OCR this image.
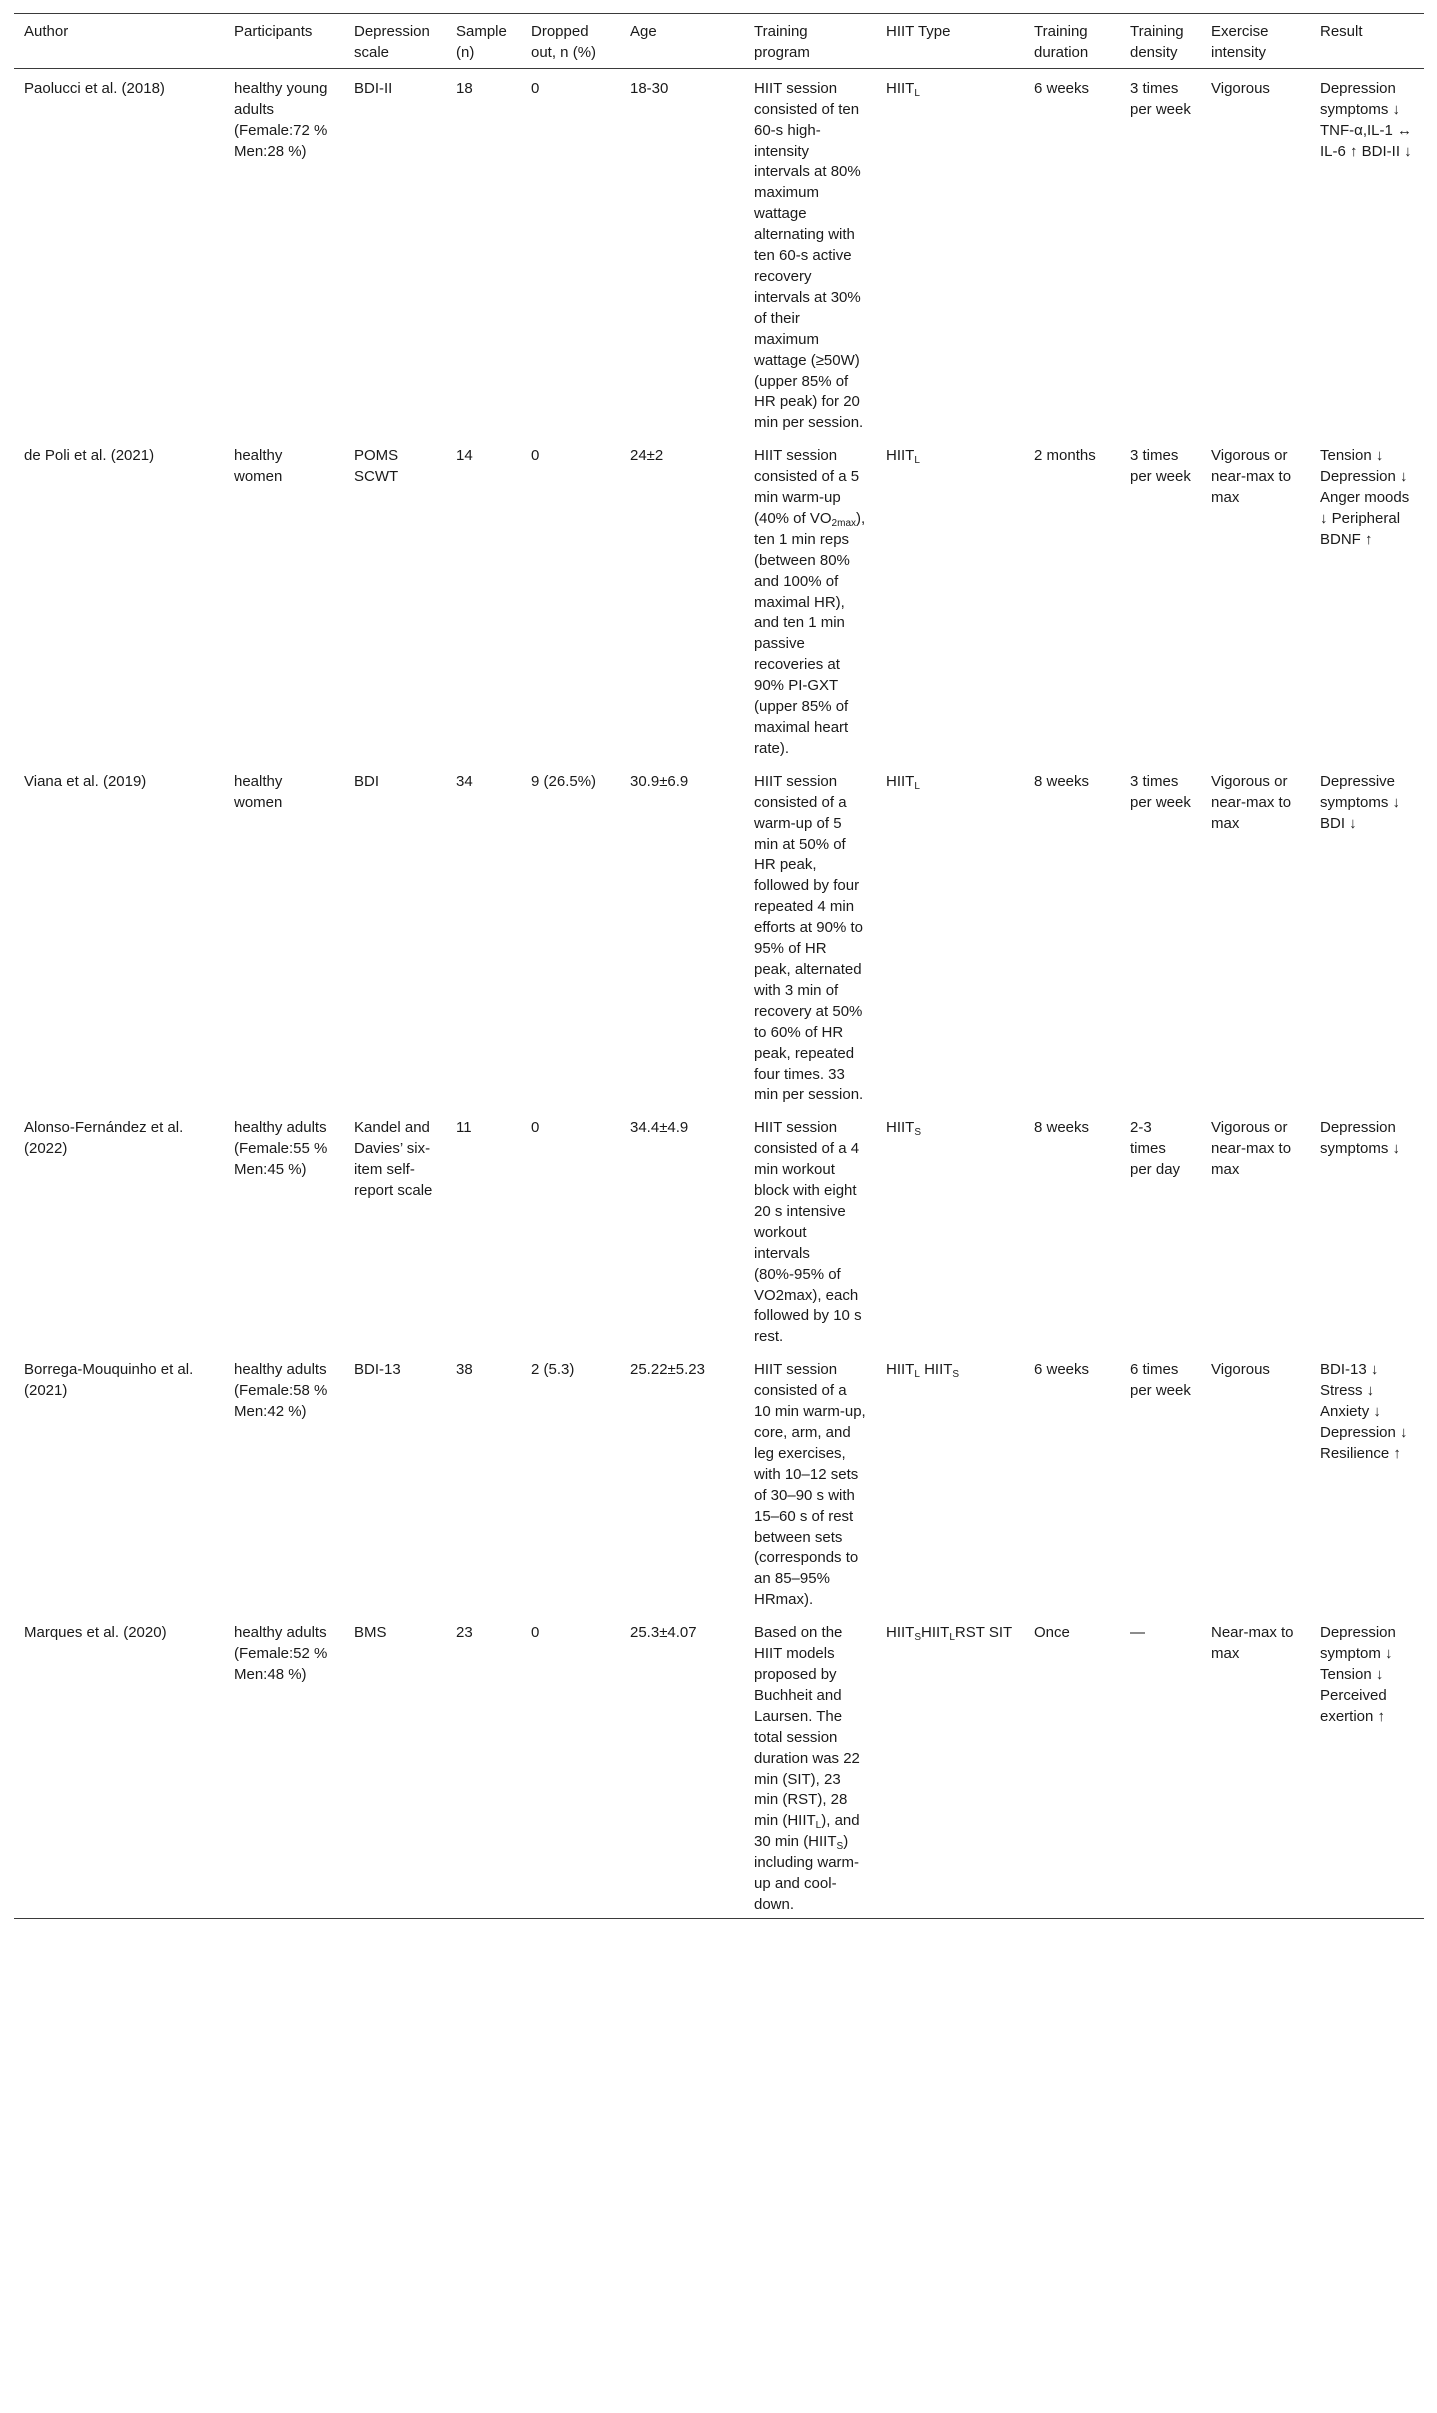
Author	Participants	Depression scale	Sample (n)	Dropped out, n (%)	Age	Training program	HIIT Type	Training duration	Training density	Exercise intensity	Result
Paolucci et al. (2018)	healthy young adults (Female:72 % Men:28 %)	BDI-II	18	0	18-30	HIIT session consisted of ten 60-s high-intensity intervals at 80% maximum wattage alternating with ten 60-s active recovery intervals at 30% of their maximum wattage (≥50W) (upper 85% of HR peak) for 20 min per session.	$HIIT_L$	6 weeks	3 times per week	Vigorous	Depression symptoms ↓ TNF-α,IL-1 ↔ IL-6 ↑ BDI-II ↓
de Poli et al. (2021)	healthy women	POMS SCWT	14	0	24±2	HIIT session consisted of a 5 min warm-up (40% of $VO_{2max}$), ten 1 min reps (between 80% and 100% of maximal HR), and ten 1 min passive recoveries at 90% PI-GXT (upper 85% of maximal heart rate).	$HIIT_L$	2 months	3 times per week	Vigorous or near-max to max	Tension ↓ Depression ↓ Anger moods ↓ Peripheral BDNF ↑
Viana et al. (2019)	healthy women	BDI	34	9 (26.5%)	30.9±6.9	HIIT session consisted of a warm-up of 5 min at 50% of HR peak, followed by four repeated 4 min efforts at 90% to 95% of HR peak, alternated with 3 min of recovery at 50% to 60% of HR peak, repeated four times. 33 min per session.	$HIIT_L$	8 weeks	3 times per week	Vigorous or near-max to max	Depressive symptoms ↓ BDI ↓
Alonso-Fernández et al. (2022)	healthy adults (Female:55 % Men:45 %)	Kandel and Davies’ six-item self-report scale	11	0	34.4±4.9	HIIT session consisted of a 4 min workout block with eight 20 s intensive workout intervals (80%-95% of VO2max), each followed by 10 s rest.	$HIIT_S$	8 weeks	2-3 times per day	Vigorous or near-max to max	Depression symptoms ↓
Borrega-Mouquinho et al. (2021)	healthy adults (Female:58 % Men:42 %)	BDI-13	38	2 (5.3)	25.22±5.23	HIIT session consisted of a 10 min warm-up, core, arm, and leg exercises, with 10–12 sets of 30–90 s with 15–60 s of rest between sets (corresponds to an 85–95% HRmax).	$HIIT_L$ $HIIT_S$	6 weeks	6 times per week	Vigorous	BDI-13 ↓ Stress ↓ Anxiety ↓ Depression ↓ Resilience ↑
Marques et al. (2020)	healthy adults (Female:52 % Men:48 %)	BMS	23	0	25.3±4.07	Based on the HIIT models proposed by Buchheit and Laursen. The total session duration was 22 min (SIT), 23 min (RST), 28 $\min (HIIT_L)$, and 30 $\min (HIIT_S)$ including warm-up and cool-down.	$HIIT_SHIIT_LRST$ SIT	Once	—	Near-max to max	Depression symptom ↓ Tension ↓ Perceived exertion ↑
